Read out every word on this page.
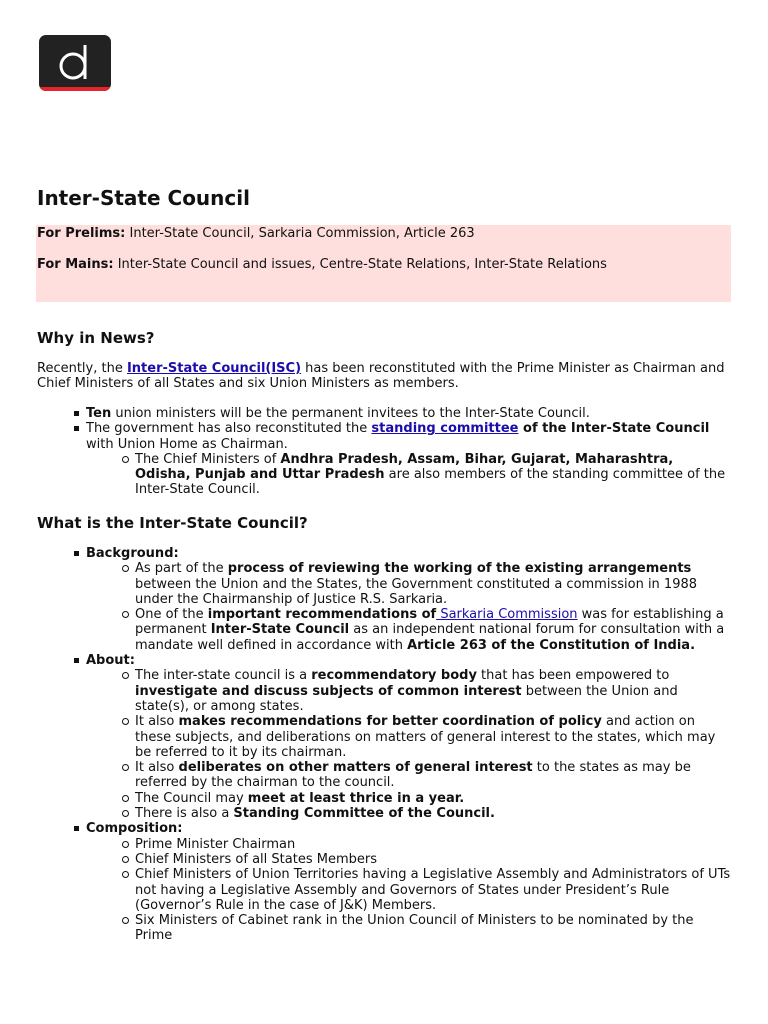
Inter-State Council
For Prelims: Inter-State Council, Sarkaria Commission, Article 263
For Mains: Inter-State Council and issues, Centre-State Relations, Inter-State Relations
Why in News?
Recently, the Inter-State Council(ISC) has been reconstituted with the Prime Minister as Chairman and Chief Ministers of all States and six Union Ministers as members.
Ten union ministers will be the permanent invitees to the Inter-State Council.
The government has also reconstituted the standing committee of the Inter-State Council with Union Home as Chairman.
The Chief Ministers of Andhra Pradesh, Assam, Bihar, Gujarat, Maharashtra, Odisha, Punjab and Uttar Pradesh are also members of the standing committee of the Inter-State Council.
What is the Inter-State Council?
Background:
As part of the process of reviewing the working of the existing arrangements between the Union and the States, the Government constituted a commission in 1988 under the Chairmanship of Justice R.S. Sarkaria.
One of the important recommendations of Sarkaria Commission was for establishing a permanent Inter-State Council as an independent national forum for consultation with a mandate well defined in accordance with Article 263 of the Constitution of India.
About:
The inter-state council is a recommendatory body that has been empowered to investigate and discuss subjects of common interest between the Union and state(s), or among states.
It also makes recommendations for better coordination of policy and action on these subjects, and deliberations on matters of general interest to the states, which may be referred to it by its chairman.
It also deliberates on other matters of general interest to the states as may be referred by the chairman to the council.
The Council may meet at least thrice in a year.
There is also a Standing Committee of the Council.
Composition:
Prime Minister Chairman
Chief Ministers of all States Members
Chief Ministers of Union Territories having a Legislative Assembly and Administrators of UTs not having a Legislative Assembly and Governors of States under President’s Rule (Governor’s Rule in the case of J&K) Members.
Six Ministers of Cabinet rank in the Union Council of Ministers to be nominated by the Prime
